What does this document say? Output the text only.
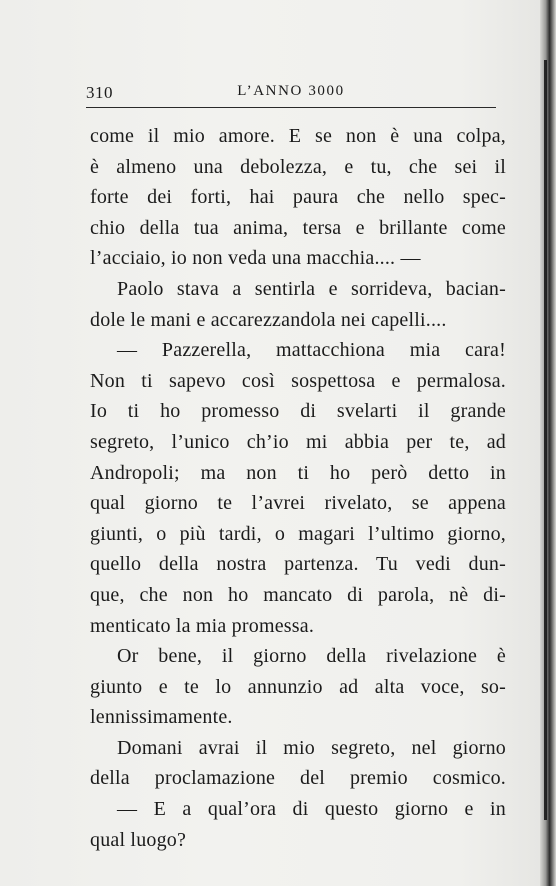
310	L’ANNO 3000
come il mio amore. E se non è una colpa,
è almeno una debolezza, e tu, che sei il
forte dei forti, hai paura che nello spec-
chio della tua anima, tersa e brillante come
l’acciaio, io non veda una macchia.... —
Paolo stava a sentirla e sorrideva, bacian-
dole le mani e accarezzandola nei capelli....
— Pazzerella, mattacchiona mia cara!
Non ti sapevo così sospettosa e permalosa.
Io ti ho promesso di svelarti il grande
segreto, l’unico ch’io mi abbia per te, ad
Andropoli; ma non ti ho però detto in
qual giorno te l’avrei rivelato, se appena
giunti, o più tardi, o magari l’ultimo giorno,
quello della nostra partenza. Tu vedi dun-
que, che non ho mancato di parola, nè di-
menticato la mia promessa.
Or bene, il giorno della rivelazione è
giunto e te lo annunzio ad alta voce, so-
lennissimamente.
Domani avrai il mio segreto, nel giorno
della proclamazione del premio cosmico.
— E a qual’ora di questo giorno e in
qual luogo?
